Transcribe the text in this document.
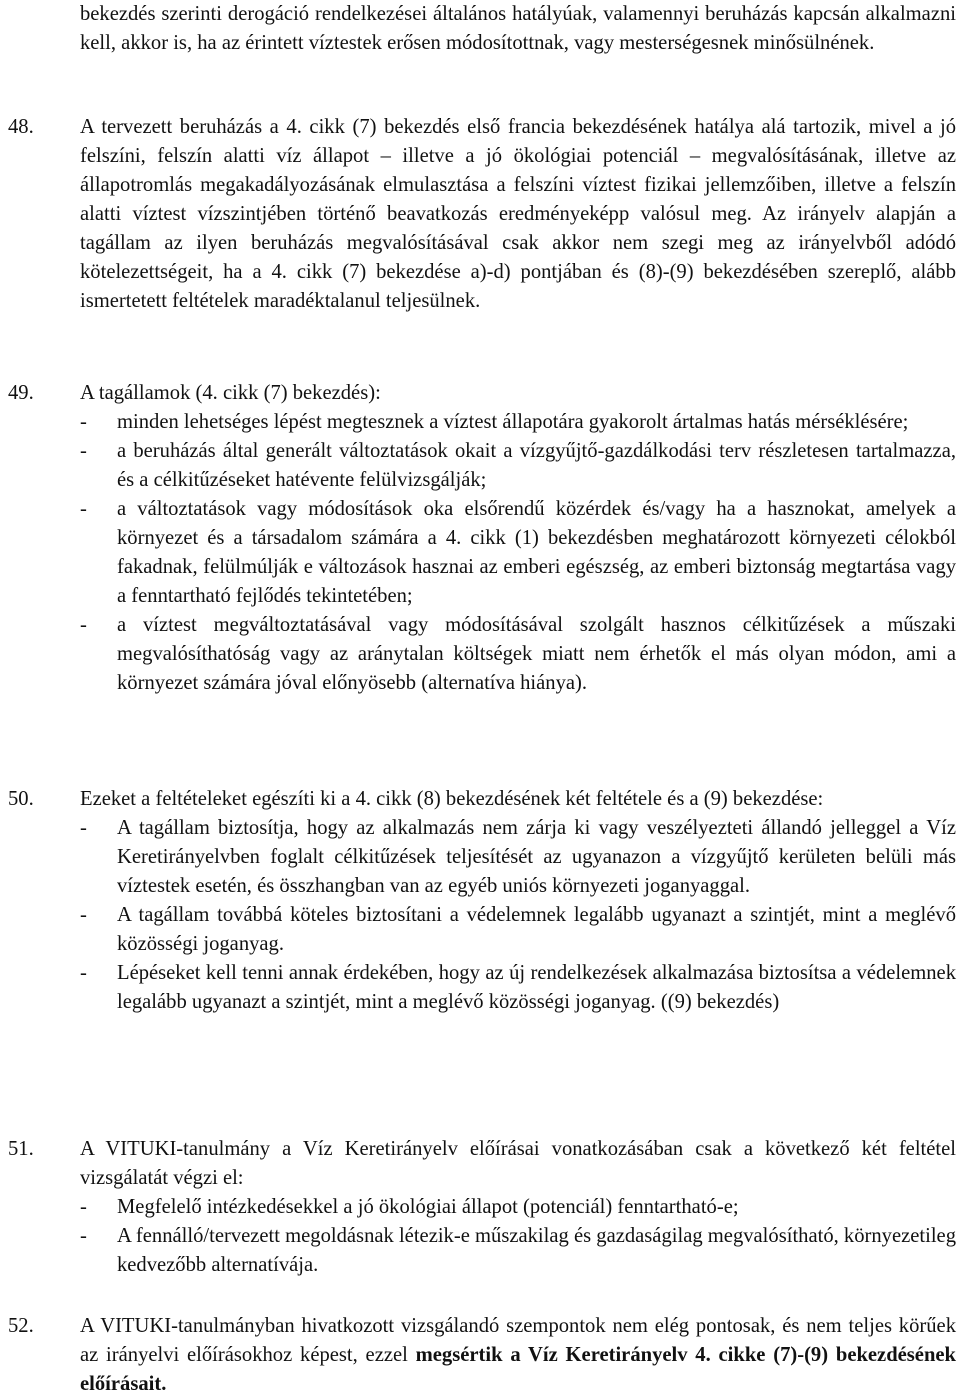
bekezdés szerinti derogáció rendelkezései általános hatályúak, valamennyi beruházás kapcsán alkalmazni kell, akkor is, ha az érintett víztestek erősen módosítottnak, vagy mesterségesnek minősülnének.
48. A tervezett beruházás a 4. cikk (7) bekezdés első francia bekezdésének hatálya alá tartozik, mivel a jó felszíni, felszín alatti víz állapot – illetve a jó ökológiai potenciál – megvalósításának, illetve az állapotromlás megakadályozásának elmulasztása a felszíni víztest fizikai jellemzőiben, illetve a felszín alatti víztest vízszintjében történő beavatkozás eredményeképp valósul meg. Az irányelv alapján a tagállam az ilyen beruházás megvalósításával csak akkor nem szegi meg az irányelvből adódó kötelezettségeit, ha a 4. cikk (7) bekezdése a)-d) pontjában és (8)-(9) bekezdésében szereplő, alább ismertetett feltételek maradéktalanul teljesülnek.
49. A tagállamok (4. cikk (7) bekezdés):
- minden lehetséges lépést megtesznek a víztest állapotára gyakorolt ártalmas hatás mérséklésére;
- a beruházás által generált változtatások okait a vízgyűjtő-gazdálkodási terv részletesen tartalmazza, és a célkitűzéseket hatévente felülvizsgálják;
- a változtatások vagy módosítások oka elsőrendű közérdek és/vagy ha a hasznokat, amelyek a környezet és a társadalom számára a 4. cikk (1) bekezdésben meghatározott környezeti célokból fakadnak, felülmúlják e változások hasznai az emberi egészség, az emberi biztonság megtartása vagy a fenntartható fejlődés tekintetében;
- a víztest megváltoztatásával vagy módosításával szolgált hasznos célkitűzések a műszaki megvalósíthatóság vagy az aránytalan költségek miatt nem érhetők el más olyan módon, ami a környezet számára jóval előnyösebb (alternatíva hiánya).
50. Ezeket a feltételeket egészíti ki a 4. cikk (8) bekezdésének két feltétele és a (9) bekezdése:
- A tagállam biztosítja, hogy az alkalmazás nem zárja ki vagy veszélyezteti állandó jelleggel a Víz Keretirányelvben foglalt célkitűzések teljesítését az ugyanazon a vízgyűjtő kerületen belüli más víztestek esetén, és összhangban van az egyéb uniós környezeti joganyaggal.
- A tagállam továbbá köteles biztosítani a védelemnek legalább ugyanazt a szintjét, mint a meglévő közösségi joganyag.
- Lépéseket kell tenni annak érdekében, hogy az új rendelkezések alkalmazása biztosítsa a védelemnek legalább ugyanazt a szintjét, mint a meglévő közösségi joganyag. ((9) bekezdés)
51. A VITUKI-tanulmány a Víz Keretirányelv előírásai vonatkozásában csak a következő két feltétel vizsgálatát végzi el:
- Megfelelő intézkedésekkel a jó ökológiai állapot (potenciál) fenntartható-e;
- A fennálló/tervezett megoldásnak létezik-e műszakilag és gazdaságilag megvalósítható, környezetileg kedvezőbb alternatívája.
52. A VITUKI-tanulmányban hivatkozott vizsgálandó szempontok nem elég pontosak, és nem teljes körűek az irányelvi előírásokhoz képest, ezzel megsértik a Víz Keretirányelv 4. cikke (7)-(9) bekezdésének előírásait.
